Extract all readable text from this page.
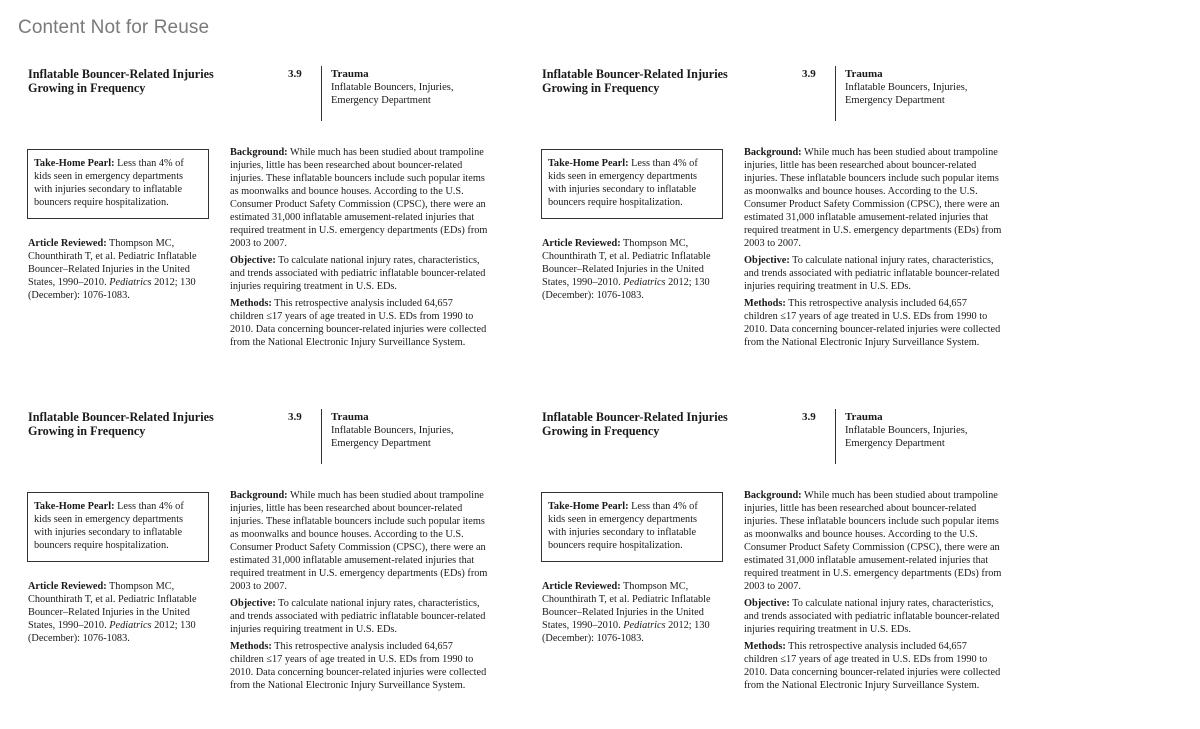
Content Not for Reuse
Inflatable Bouncer-Related Injuries Growing in Frequency
3.9	Trauma
Inflatable Bouncers, Injuries, Emergency Department
Take-Home Pearl: Less than 4% of kids seen in emergency departments with injuries secondary to inflatable bouncers require hospitalization.
Article Reviewed: Thompson MC, Chounthirath T, et al. Pediatric Inflatable Bouncer–Related Injuries in the United States, 1990–2010. Pediatrics 2012; 130 (December): 1076-1083.

Background: While much has been studied about trampoline injuries, little has been researched about bouncer-related injuries. These inflatable bouncers include such popular items as moonwalks and bounce houses. According to the U.S. Consumer Product Safety Commission (CPSC), there were an estimated 31,000 inflatable amusement-related injuries that required treatment in U.S. emergency departments (EDs) from 2003 to 2007.

Objective: To calculate national injury rates, characteristics, and trends associated with pediatric inflatable bouncer-related injuries requiring treatment in U.S. EDs.

Methods: This retrospective analysis included 64,657 children ≤17 years of age treated in U.S. EDs from 1990 to 2010. Data concerning bouncer-related injuries were collected from the National Electronic Injury Surveillance System.

Inflatable Bouncer-Related Injuries Growing in Frequency
3.9	Trauma
Inflatable Bouncers, Injuries, Emergency Department
Take-Home Pearl: Less than 4% of kids seen in emergency departments with injuries secondary to inflatable bouncers require hospitalization.
Article Reviewed: Thompson MC, Chounthirath T, et al. Pediatric Inflatable Bouncer–Related Injuries in the United States, 1990–2010. Pediatrics 2012; 130 (December): 1076-1083.

Background: While much has been studied about trampoline injuries, little has been researched about bouncer-related injuries. These inflatable bouncers include such popular items as moonwalks and bounce houses. According to the U.S. Consumer Product Safety Commission (CPSC), there were an estimated 31,000 inflatable amusement-related injuries that required treatment in U.S. emergency departments (EDs) from 2003 to 2007.

Objective: To calculate national injury rates, characteristics, and trends associated with pediatric inflatable bouncer-related injuries requiring treatment in U.S. EDs.

Methods: This retrospective analysis included 64,657 children ≤17 years of age treated in U.S. EDs from 1990 to 2010. Data concerning bouncer-related injuries were collected from the National Electronic Injury Surveillance System.

Inflatable Bouncer-Related Injuries Growing in Frequency
3.9	Trauma
Inflatable Bouncers, Injuries, Emergency Department
Take-Home Pearl: Less than 4% of kids seen in emergency departments with injuries secondary to inflatable bouncers require hospitalization.
Article Reviewed: Thompson MC, Chounthirath T, et al. Pediatric Inflatable Bouncer–Related Injuries in the United States, 1990–2010. Pediatrics 2012; 130 (December): 1076-1083.

Background: While much has been studied about trampoline injuries, little has been researched about bouncer-related injuries. These inflatable bouncers include such popular items as moonwalks and bounce houses. According to the U.S. Consumer Product Safety Commission (CPSC), there were an estimated 31,000 inflatable amusement-related injuries that required treatment in U.S. emergency departments (EDs) from 2003 to 2007.

Objective: To calculate national injury rates, characteristics, and trends associated with pediatric inflatable bouncer-related injuries requiring treatment in U.S. EDs.

Methods: This retrospective analysis included 64,657 children ≤17 years of age treated in U.S. EDs from 1990 to 2010. Data concerning bouncer-related injuries were collected from the National Electronic Injury Surveillance System.

Inflatable Bouncer-Related Injuries Growing in Frequency
3.9	Trauma
Inflatable Bouncers, Injuries, Emergency Department
Take-Home Pearl: Less than 4% of kids seen in emergency departments with injuries secondary to inflatable bouncers require hospitalization.
Article Reviewed: Thompson MC, Chounthirath T, et al. Pediatric Inflatable Bouncer–Related Injuries in the United States, 1990–2010. Pediatrics 2012; 130 (December): 1076-1083.

Background: While much has been studied about trampoline injuries, little has been researched about bouncer-related injuries. These inflatable bouncers include such popular items as moonwalks and bounce houses. According to the U.S. Consumer Product Safety Commission (CPSC), there were an estimated 31,000 inflatable amusement-related injuries that required treatment in U.S. emergency departments (EDs) from 2003 to 2007.

Objective: To calculate national injury rates, characteristics, and trends associated with pediatric inflatable bouncer-related injuries requiring treatment in U.S. EDs.

Methods: This retrospective analysis included 64,657 children ≤17 years of age treated in U.S. EDs from 1990 to 2010. Data concerning bouncer-related injuries were collected from the National Electronic Injury Surveillance System.
